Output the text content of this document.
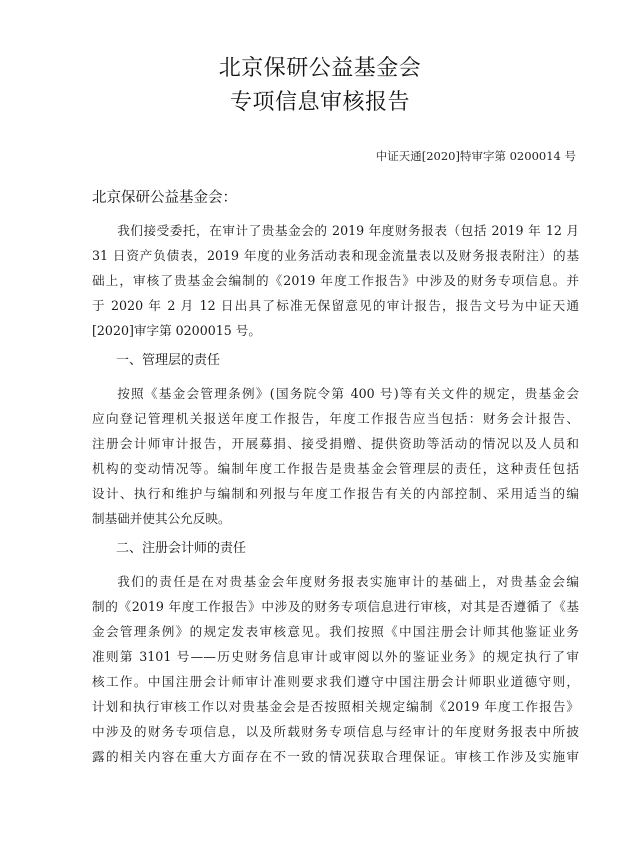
北京保研公益基金会
专项信息审核报告
中证天通[2020]特审字第 0200014 号
北京保研公益基金会：

我们接受委托，在审计了贵基金会的 2019 年度财务报表（包括 2019 年 12 月
31 日资产负债表，2019 年度的业务活动表和现金流量表以及财务报表附注）的基
础上，审核了贵基金会编制的《2019 年度工作报告》中涉及的财务专项信息。并
于 2020 年 2 月 12 日出具了标准无保留意见的审计报告，报告文号为中证天通
[2020]审字第 0200015 号。

一、管理层的责任

按照《基金会管理条例》(国务院令第 400 号)等有关文件的规定，贵基金会
应向登记管理机关报送年度工作报告，年度工作报告应当包括：财务会计报告、
注册会计师审计报告，开展募捐、接受捐赠、提供资助等活动的情况以及人员和
机构的变动情况等。编制年度工作报告是贵基金会管理层的责任，这种责任包括
设计、执行和维护与编制和列报与年度工作报告有关的内部控制、采用适当的编
制基础并使其公允反映。

二、注册会计师的责任

我们的责任是在对贵基金会年度财务报表实施审计的基础上，对贵基金会编
制的《2019 年度工作报告》中涉及的财务专项信息进行审核，对其是否遵循了《基
金会管理条例》的规定发表审核意见。我们按照《中国注册会计师其他鉴证业务
准则第 3101 号——历史财务信息审计或审阅以外的鉴证业务》的规定执行了审
核工作。中国注册会计师审计准则要求我们遵守中国注册会计师职业道德守则，
计划和执行审核工作以对贵基金会是否按照相关规定编制《2019 年度工作报告》
中涉及的财务专项信息，以及所载财务专项信息与经审计的年度财务报表中所披
露的相关内容在重大方面存在不一致的情况获取合理保证。审核工作涉及实施审
